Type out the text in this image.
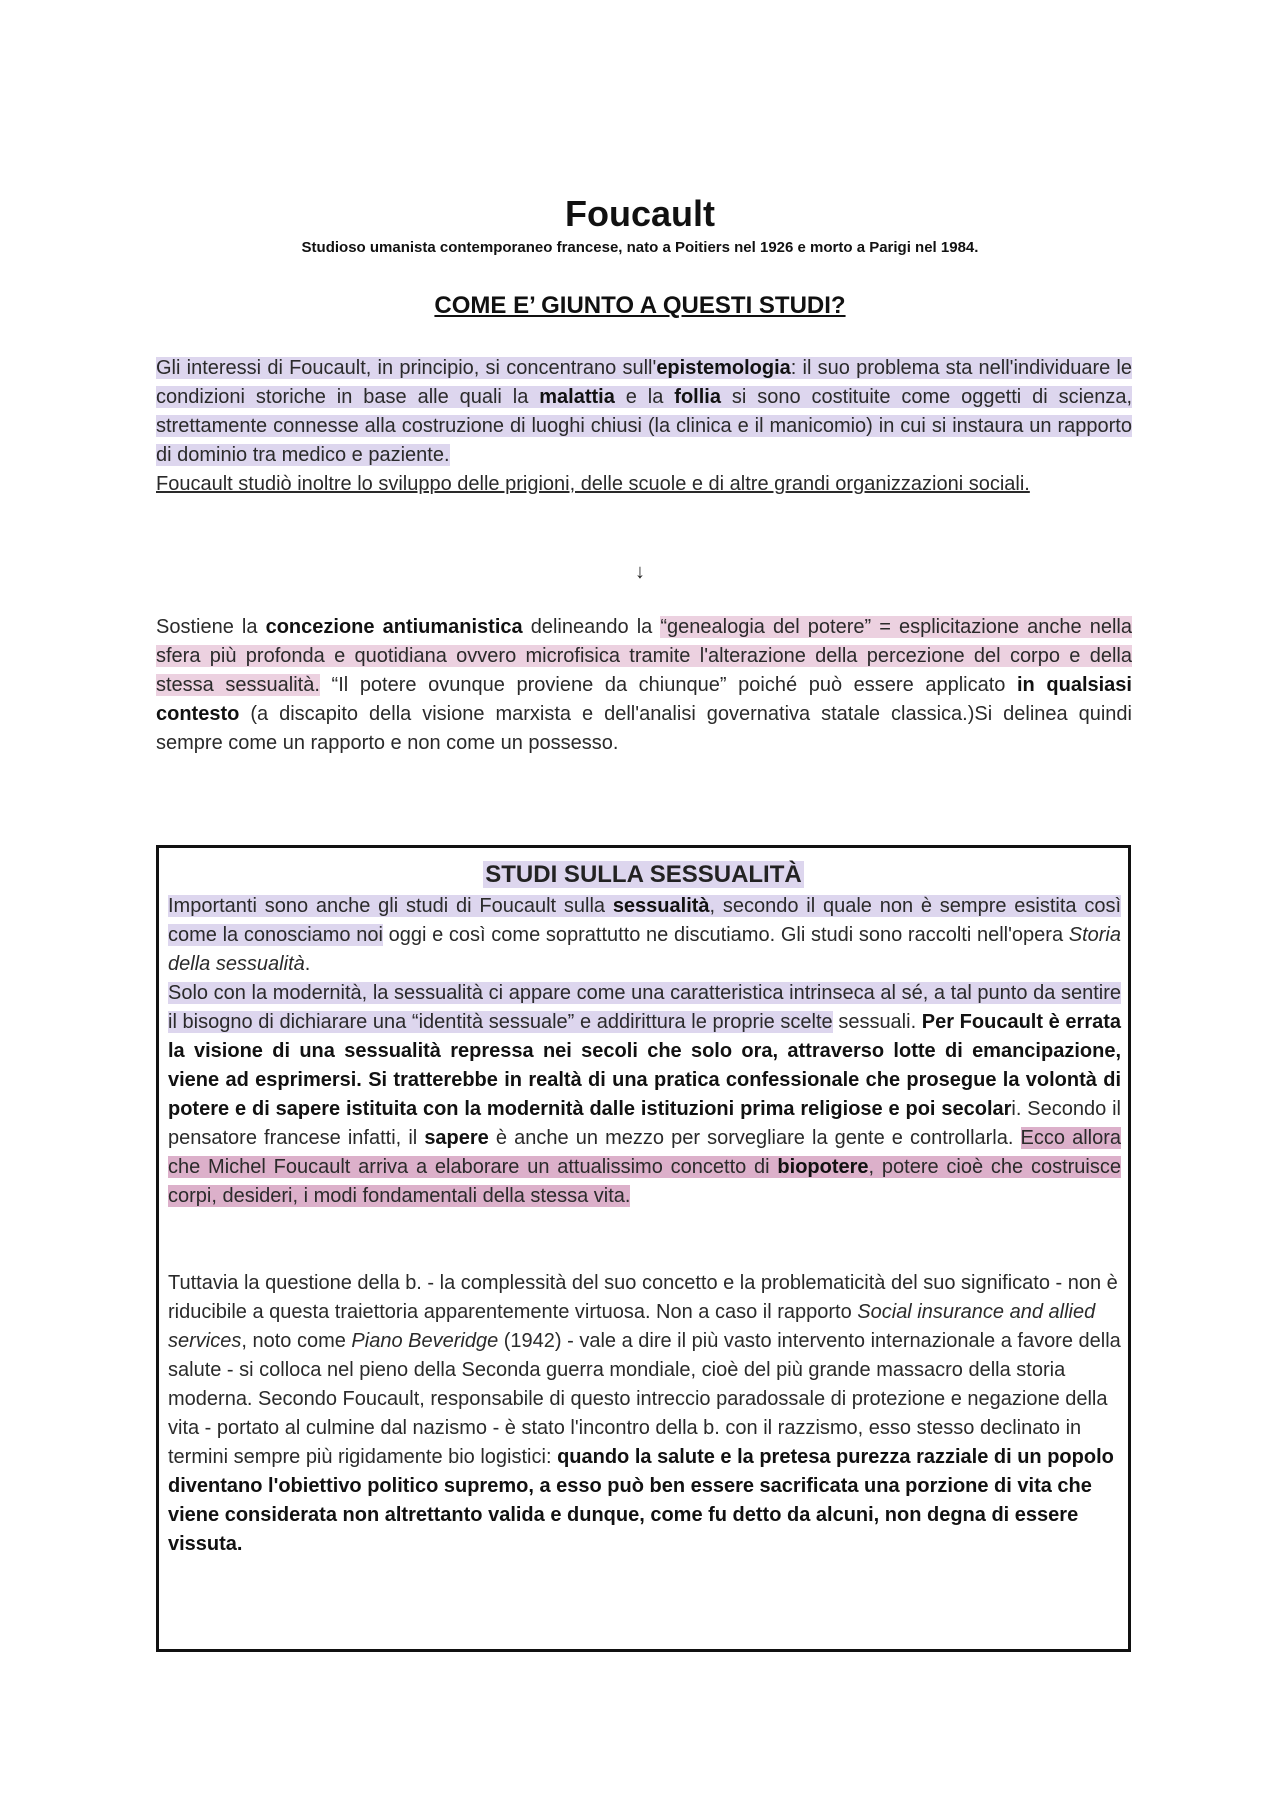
Foucault
Studioso umanista contemporaneo francese, nato a Poitiers nel 1926 e morto a Parigi nel 1984.
COME E’ GIUNTO A QUESTI STUDI?

Gli interessi di Foucault, in principio, si concentrano sull'epistemologia: il suo problema sta nell'individuare le condizioni storiche in base alle quali la malattia e la follia si sono costituite come oggetti di scienza, strettamente connesse alla costruzione di luoghi chiusi (la clinica e il manicomio) in cui si instaura un rapporto di dominio tra medico e paziente.
Foucault studiò inoltre lo sviluppo delle prigioni, delle scuole e di altre grandi organizzazioni sociali.

↓

Sostiene la concezione antiumanistica delineando la “genealogia del potere” = esplicitazione anche nella sfera più profonda e quotidiana ovvero microfisica tramite l'alterazione della percezione del corpo e della stessa sessualità. “Il potere ovunque proviene da chiunque” poiché può essere applicato in qualsiasi contesto (a discapito della visione marxista e dell'analisi governativa statale classica.)Si delinea quindi sempre come un rapporto e non come un possesso.

STUDI SULLA SESSUALITÀ

Importanti sono anche gli studi di Foucault sulla sessualità, secondo il quale non è sempre esistita così come la conosciamo noi oggi e così come soprattutto ne discutiamo. Gli studi sono raccolti nell'opera Storia della sessualità.
Solo con la modernità, la sessualità ci appare come una caratteristica intrinseca al sé, a tal punto da sentire il bisogno di dichiarare una “identità sessuale” e addirittura le proprie scelte sessuali. Per Foucault è errata la visione di una sessualità repressa nei secoli che solo ora, attraverso lotte di emancipazione, viene ad esprimersi. Si tratterebbe in realtà di una pratica confessionale che prosegue la volontà di potere e di sapere istituita con la modernità dalle istituzioni prima religiose e poi secolari. Secondo il pensatore francese infatti, il sapere è anche un mezzo per sorvegliare la gente e controllarla. Ecco allora che Michel Foucault arriva a elaborare un attualissimo concetto di biopotere, potere cioè che costruisce corpi, desideri, i modi fondamentali della stessa vita.

Tuttavia la questione della b. - la complessità del suo concetto e la problematicità del suo significato - non è riducibile a questa traiettoria apparentemente virtuosa. Non a caso il rapporto Social insurance and allied services, noto come Piano Beveridge (1942) - vale a dire il più vasto intervento internazionale a favore della salute - si colloca nel pieno della Seconda guerra mondiale, cioè del più grande massacro della storia moderna. Secondo Foucault, responsabile di questo intreccio paradossale di protezione e negazione della vita - portato al culmine dal nazismo - è stato l'incontro della b. con il razzismo, esso stesso declinato in termini sempre più rigidamente bio logistici: quando la salute e la pretesa purezza razziale di un popolo diventano l'obiettivo politico supremo, a esso può ben essere sacrificata una porzione di vita che viene considerata non altrettanto valida e dunque, come fu detto da alcuni, non degna di essere vissuta.
